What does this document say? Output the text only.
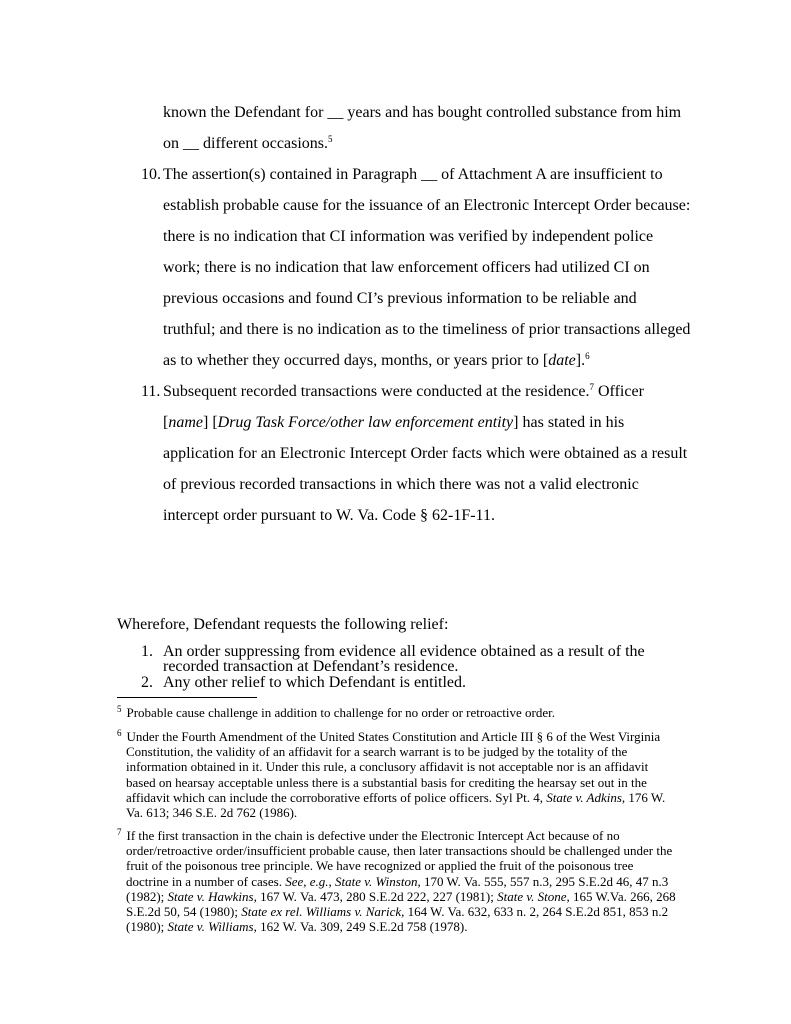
known the Defendant for __ years and has bought controlled substance from him
on __ different occasions.$^5$
10. The assertion(s) contained in Paragraph __ of Attachment A are insufficient to
establish probable cause for the issuance of an Electronic Intercept Order because:
there is no indication that CI information was verified by independent police
work; there is no indication that law enforcement officers had utilized CI on
previous occasions and found CI’s previous information to be reliable and
truthful; and there is no indication as to the timeliness of prior transactions alleged
as to whether they occurred days, months, or years prior to [date].$^6$
11. Subsequent recorded transactions were conducted at the residence.$^7$ Officer
[name] [Drug Task Force/other law enforcement entity] has stated in his
application for an Electronic Intercept Order facts which were obtained as a result
of previous recorded transactions in which there was not a valid electronic
intercept order pursuant to W. Va. Code § 62-1F-11.
Wherefore, Defendant requests the following relief:
1. An order suppressing from evidence all evidence obtained as a result of the
recorded transaction at Defendant’s residence.
2. Any other relief to which Defendant is entitled.
$^5$ Probable cause challenge in addition to challenge for no order or retroactive order.
$^6$ Under the Fourth Amendment of the United States Constitution and Article III § 6 of the West Virginia Constitution, the validity of an affidavit for a search warrant is to be judged by the totality of the information obtained in it. Under this rule, a conclusory affidavit is not acceptable nor is an affidavit based on hearsay acceptable unless there is a substantial basis for crediting the hearsay set out in the affidavit which can include the corroborative efforts of police officers. Syl Pt. 4, State v. Adkins, 176 W. Va. 613; 346 S.E. 2d 762 (1986).
$^7$ If the first transaction in the chain is defective under the Electronic Intercept Act because of no order/retroactive order/insufficient probable cause, then later transactions should be challenged under the fruit of the poisonous tree principle. We have recognized or applied the fruit of the poisonous tree doctrine in a number of cases. See, e.g., State v. Winston, 170 W. Va. 555, 557 n.3, 295 S.E.2d 46, 47 n.3 (1982); State v. Hawkins, 167 W. Va. 473, 280 S.E.2d 222, 227 (1981); State v. Stone, 165 W.Va. 266, 268 S.E.2d 50, 54 (1980); State ex rel. Williams v. Narick, 164 W. Va. 632, 633 n. 2, 264 S.E.2d 851, 853 n.2 (1980); State v. Williams, 162 W. Va. 309, 249 S.E.2d 758 (1978).
